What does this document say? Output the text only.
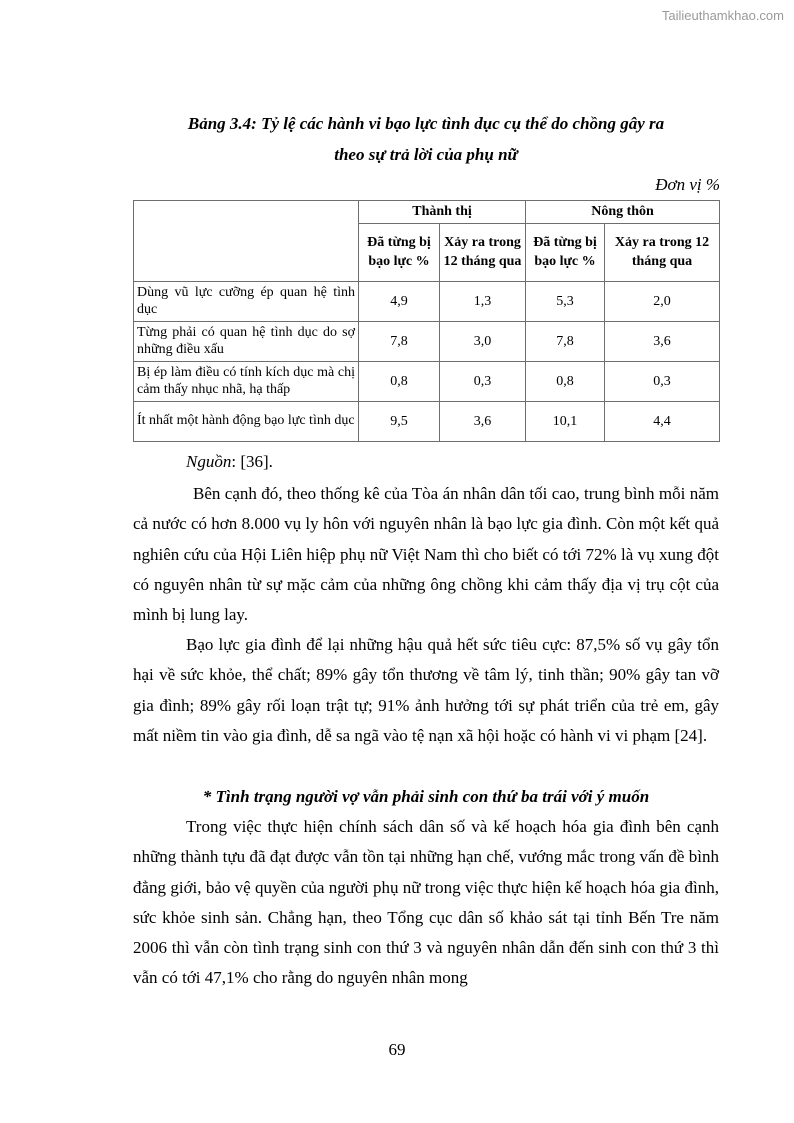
Tailieuthamkhao.com
Bảng 3.4: Tỷ lệ các hành vi bạo lực tình dục cụ thể do chồng gây ra
theo sự trả lời của phụ nữ
Đơn vị %
	Thành thị		Nông thôn	
	Đã từng bị bạo lực %	Xảy ra trong 12 tháng qua	Đã từng bị bạo lực %	Xảy ra trong 12 tháng qua
Dùng vũ lực cưỡng ép quan hệ tình dục	4,9	1,3	5,3	2,0
Từng phải có quan hệ tình dục do sợ những điều xấu	7,8	3,0	7,8	3,6
Bị ép làm điều có tính kích dục mà chị cảm thấy nhục nhã, hạ thấp	0,8	0,3	0,8	0,3
Ít nhất một hành động bạo lực tình dục	9,5	3,6	10,1	4,4
Nguồn: [36].

Bên cạnh đó, theo thống kê của Tòa án nhân dân tối cao, trung bình mỗi năm cả nước có hơn 8.000 vụ ly hôn với nguyên nhân là bạo lực gia đình. Còn một kết quả nghiên cứu của Hội Liên hiệp phụ nữ Việt Nam thì cho biết có tới 72% là vụ xung đột có nguyên nhân từ sự mặc cảm của những ông chồng khi cảm thấy địa vị trụ cột của mình bị lung lay.

Bạo lực gia đình để lại những hậu quả hết sức tiêu cực: 87,5% số vụ gây tổn hại về sức khỏe, thể chất; 89% gây tổn thương về tâm lý, tinh thần; 90% gây tan vỡ gia đình; 89% gây rối loạn trật tự; 91% ảnh hưởng tới sự phát triển của trẻ em, gây mất niềm tin vào gia đình, dễ sa ngã vào tệ nạn xã hội hoặc có hành vi vi phạm [24].

* Tình trạng người vợ vẫn phải sinh con thứ ba trái với ý muốn

Trong việc thực hiện chính sách dân số và kế hoạch hóa gia đình bên cạnh những thành tựu đã đạt được vẫn tồn tại những hạn chế, vướng mắc trong vấn đề bình đẳng giới, bảo vệ quyền của người phụ nữ trong việc thực hiện kế hoạch hóa gia đình, sức khỏe sinh sản. Chẳng hạn, theo Tổng cục dân số khảo sát tại tỉnh Bến Tre năm 2006 thì vẫn còn tình trạng sinh con thứ 3 và nguyên nhân dẫn đến sinh con thứ 3 thì vẫn có tới 47,1% cho rằng do nguyên nhân mong

69
